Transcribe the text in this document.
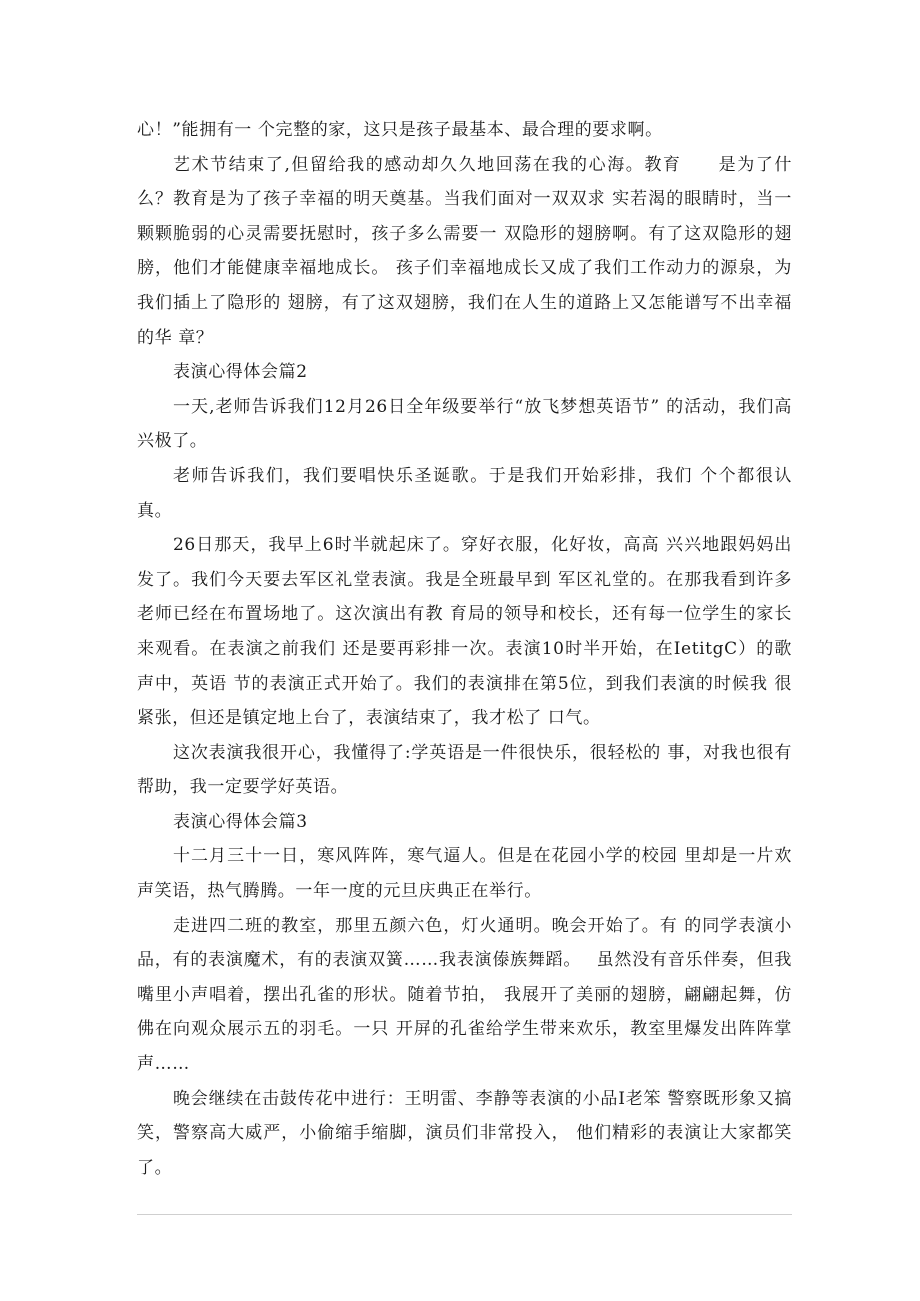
心！”能拥有一 个完整的家，这只是孩子最基本、最合理的要求啊。

艺术节结束了,但留给我的感动却久久地回荡在我的心海。教育　　是为了什么？教育是为了孩子幸福的明天奠基。当我们面对一双双求 实若渴的眼睛时，当一颗颗脆弱的心灵需要抚慰时，孩子多么需要一 双隐形的翅膀啊。有了这双隐形的翅膀，他们才能健康幸福地成长。 孩子们幸福地成长又成了我们工作动力的源泉，为我们插上了隐形的 翅膀，有了这双翅膀，我们在人生的道路上又怎能谱写不出幸福的华 章？

表演心得体会篇2

一天,老师告诉我们12月26日全年级要举行“放飞梦想英语节” 的活动，我们高兴极了。

老师告诉我们，我们要唱快乐圣诞歌。于是我们开始彩排，我们 个个都很认真。

26日那天，我早上6时半就起床了。穿好衣服，化好妆，高高 兴兴地跟妈妈出发了。我们今天要去军区礼堂表演。我是全班最早到 军区礼堂的。在那我看到许多老师已经在布置场地了。这次演出有教 育局的领导和校长，还有每一位学生的家长来观看。在表演之前我们 还是要再彩排一次。表演10时半开始，在IetitgC）的歌声中，英语 节的表演正式开始了。我们的表演排在第5位，到我们表演的时候我 很紧张，但还是镇定地上台了，表演结束了，我才松了 口气。

这次表演我很开心，我懂得了:学英语是一件很快乐，很轻松的 事，对我也很有帮助，我一定要学好英语。

表演心得体会篇3

十二月三十一日，寒风阵阵，寒气逼人。但是在花园小学的校园 里却是一片欢声笑语，热气腾腾。一年一度的元旦庆典正在举行。

走进四二班的教室，那里五颜六色，灯火通明。晚会开始了。有 的同学表演小品，有的表演魔术，有的表演双簧……我表演傣族舞蹈。　 虽然没有音乐伴奏，但我嘴里小声唱着，摆出孔雀的形状。随着节拍， 我展开了美丽的翅膀，翩翩起舞，仿佛在向观众展示五的羽毛。一只 开屏的孔雀给学生带来欢乐，教室里爆发出阵阵掌声……

晚会继续在击鼓传花中进行：王明雷、李静等表演的小品I老笨 警察既形象又搞笑，警察高大威严，小偷缩手缩脚，演员们非常投入， 他们精彩的表演让大家都笑了。
